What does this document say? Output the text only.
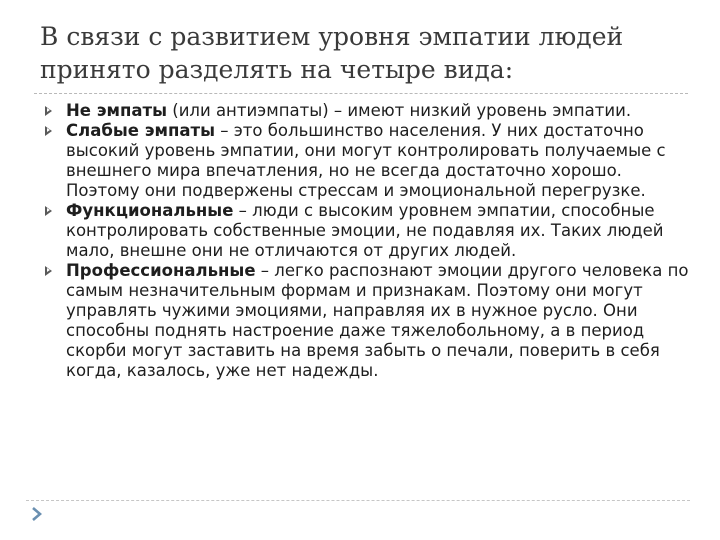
В связи с развитием уровня эмпатии людей принято разделять на четыре вида:
Не эмпаты (или антиэмпаты) – имеют низкий уровень эмпатии.
Слабые эмпаты – это большинство населения. У них достаточно высокий уровень эмпатии, они могут контролировать получаемые с внешнего мира впечатления, но не всегда достаточно хорошо. Поэтому они подвержены стрессам и эмоциональной перегрузке.
Функциональные – люди с высоким уровнем эмпатии, способные контролировать собственные эмоции, не подавляя их. Таких людей мало, внешне они не отличаются от других людей.
Профессиональные – легко распознают эмоции другого человека по самым незначительным формам и признакам. Поэтому они могут управлять чужими эмоциями, направляя их в нужное русло. Они способны поднять настроение даже тяжелобольному, а в период скорби могут заставить на время забыть о печали, поверить в себя когда, казалось, уже нет надежды.
